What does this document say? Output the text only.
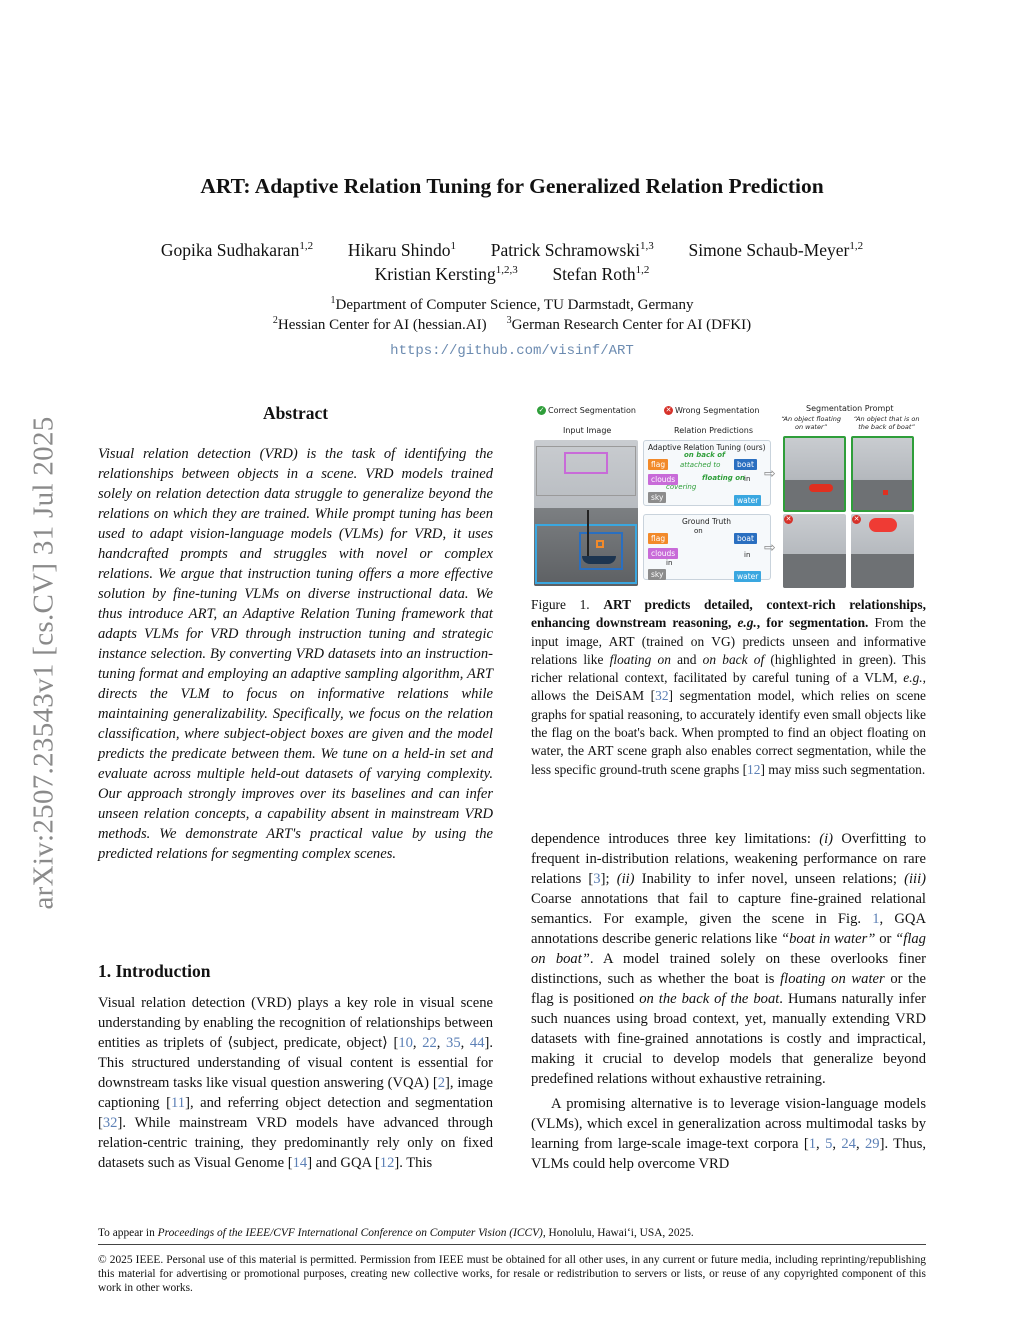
ART: Adaptive Relation Tuning for Generalized Relation Prediction
Gopika Sudhakaran$^{1,2}$ Hikaru Shindo$^1$ Patrick Schramowski$^{1,3}$ Simone Schaub-Meyer$^{1,2}$
Kristian Kersting$^{1,2,3}$ Stefan Roth$^{1,2}$
$^1$Department of Computer Science, TU Darmstadt, Germany
$^2$Hessian Center for AI (hessian.AI) $^3$German Research Center for AI (DFKI)
https://github.com/visinf/ART
arXiv:2507.23543v1 [cs.CV] 31 Jul 2025
Abstract
Visual relation detection (VRD) is the task of identifying the relationships between objects in a scene. VRD models trained solely on relation detection data struggle to generalize beyond the relations on which they are trained. While prompt tuning has been used to adapt vision-language models (VLMs) for VRD, it uses handcrafted prompts and struggles with novel or complex relations. We argue that instruction tuning offers a more effective solution by fine-tuning VLMs on diverse instructional data. We thus introduce ART, an Adaptive Relation Tuning framework that adapts VLMs for VRD through instruction tuning and strategic instance selection. By converting VRD datasets into an instruction-tuning format and employing an adaptive sampling algorithm, ART directs the VLM to focus on informative relations while maintaining generalizability. Specifically, we focus on the relation classification, where subject-object boxes are given and the model predicts the predicate between them. We tune on a held-in set and evaluate across multiple held-out datasets of varying complexity. Our approach strongly improves over its baselines and can infer unseen relation concepts, a capability absent in mainstream VRD methods. We demonstrate ART's practical value by using the predicted relations for segmenting complex scenes.
1. Introduction
Visual relation detection (VRD) plays a key role in visual scene understanding by enabling the recognition of relationships between entities as triplets of ⟨subject, predicate, object⟩ [10, 22, 35, 44]. This structured understanding of visual content is essential for downstream tasks like visual question answering (VQA) [2], image captioning [11], and referring object detection and segmentation [32]. While mainstream VRD models have advanced through relation-centric training, they predominantly rely only on fixed datasets such as Visual Genome [14] and GQA [12]. This
✓ Correct Segmentation	✕ Wrong Segmentation
Input Image	Relation Predictions
Segmentation Prompt
“An object floating on water”
“An object that is on the back of boat”
Adaptive Relation Tuning (ours)
flag
clouds
sky
boat
water
on back of
attached to
floating on
covering
in
Ground Truth
flag
clouds
sky
boat
water
on
in
in
⇨
⇨
✕	✕
Figure 1. ART predicts detailed, context-rich relationships, enhancing downstream reasoning, e.g., for segmentation. From the input image, ART (trained on VG) predicts unseen and informative relations like floating on and on back of (highlighted in green). This richer relational context, facilitated by careful tuning of a VLM, e.g., allows the DeiSAM [32] segmentation model, which relies on scene graphs for spatial reasoning, to accurately identify even small objects like the flag on the boat's back. When prompted to find an object floating on water, the ART scene graph also enables correct segmentation, while the less specific ground-truth scene graphs [12] may miss such segmentation.

dependence introduces three key limitations: (i) Overfitting to frequent in-distribution relations, weakening performance on rare relations [3]; (ii) Inability to infer novel, unseen relations; (iii) Coarse annotations that fail to capture fine-grained relational semantics. For example, given the scene in Fig. 1, GQA annotations describe generic relations like “boat in water” or “flag on boat”. A model trained solely on these overlooks finer distinctions, such as whether the boat is floating on water or the flag is positioned on the back of the boat. Humans naturally infer such nuances using broad context, yet, manually extending VRD datasets with fine-grained annotations is costly and impractical, making it crucial to develop models that generalize beyond predefined relations without exhaustive retraining.

A promising alternative is to leverage vision-language models (VLMs), which excel in generalization across multimodal tasks by learning from large-scale image-text corpora [1, 5, 24, 29]. Thus, VLMs could help overcome VRD

To appear in Proceedings of the IEEE/CVF International Conference on Computer Vision (ICCV), Honolulu, Hawai‘i, USA, 2025.
© 2025 IEEE. Personal use of this material is permitted. Permission from IEEE must be obtained for all other uses, in any current or future media, including reprinting/republishing this material for advertising or promotional purposes, creating new collective works, for resale or redistribution to servers or lists, or reuse of any copyrighted component of this work in other works.
